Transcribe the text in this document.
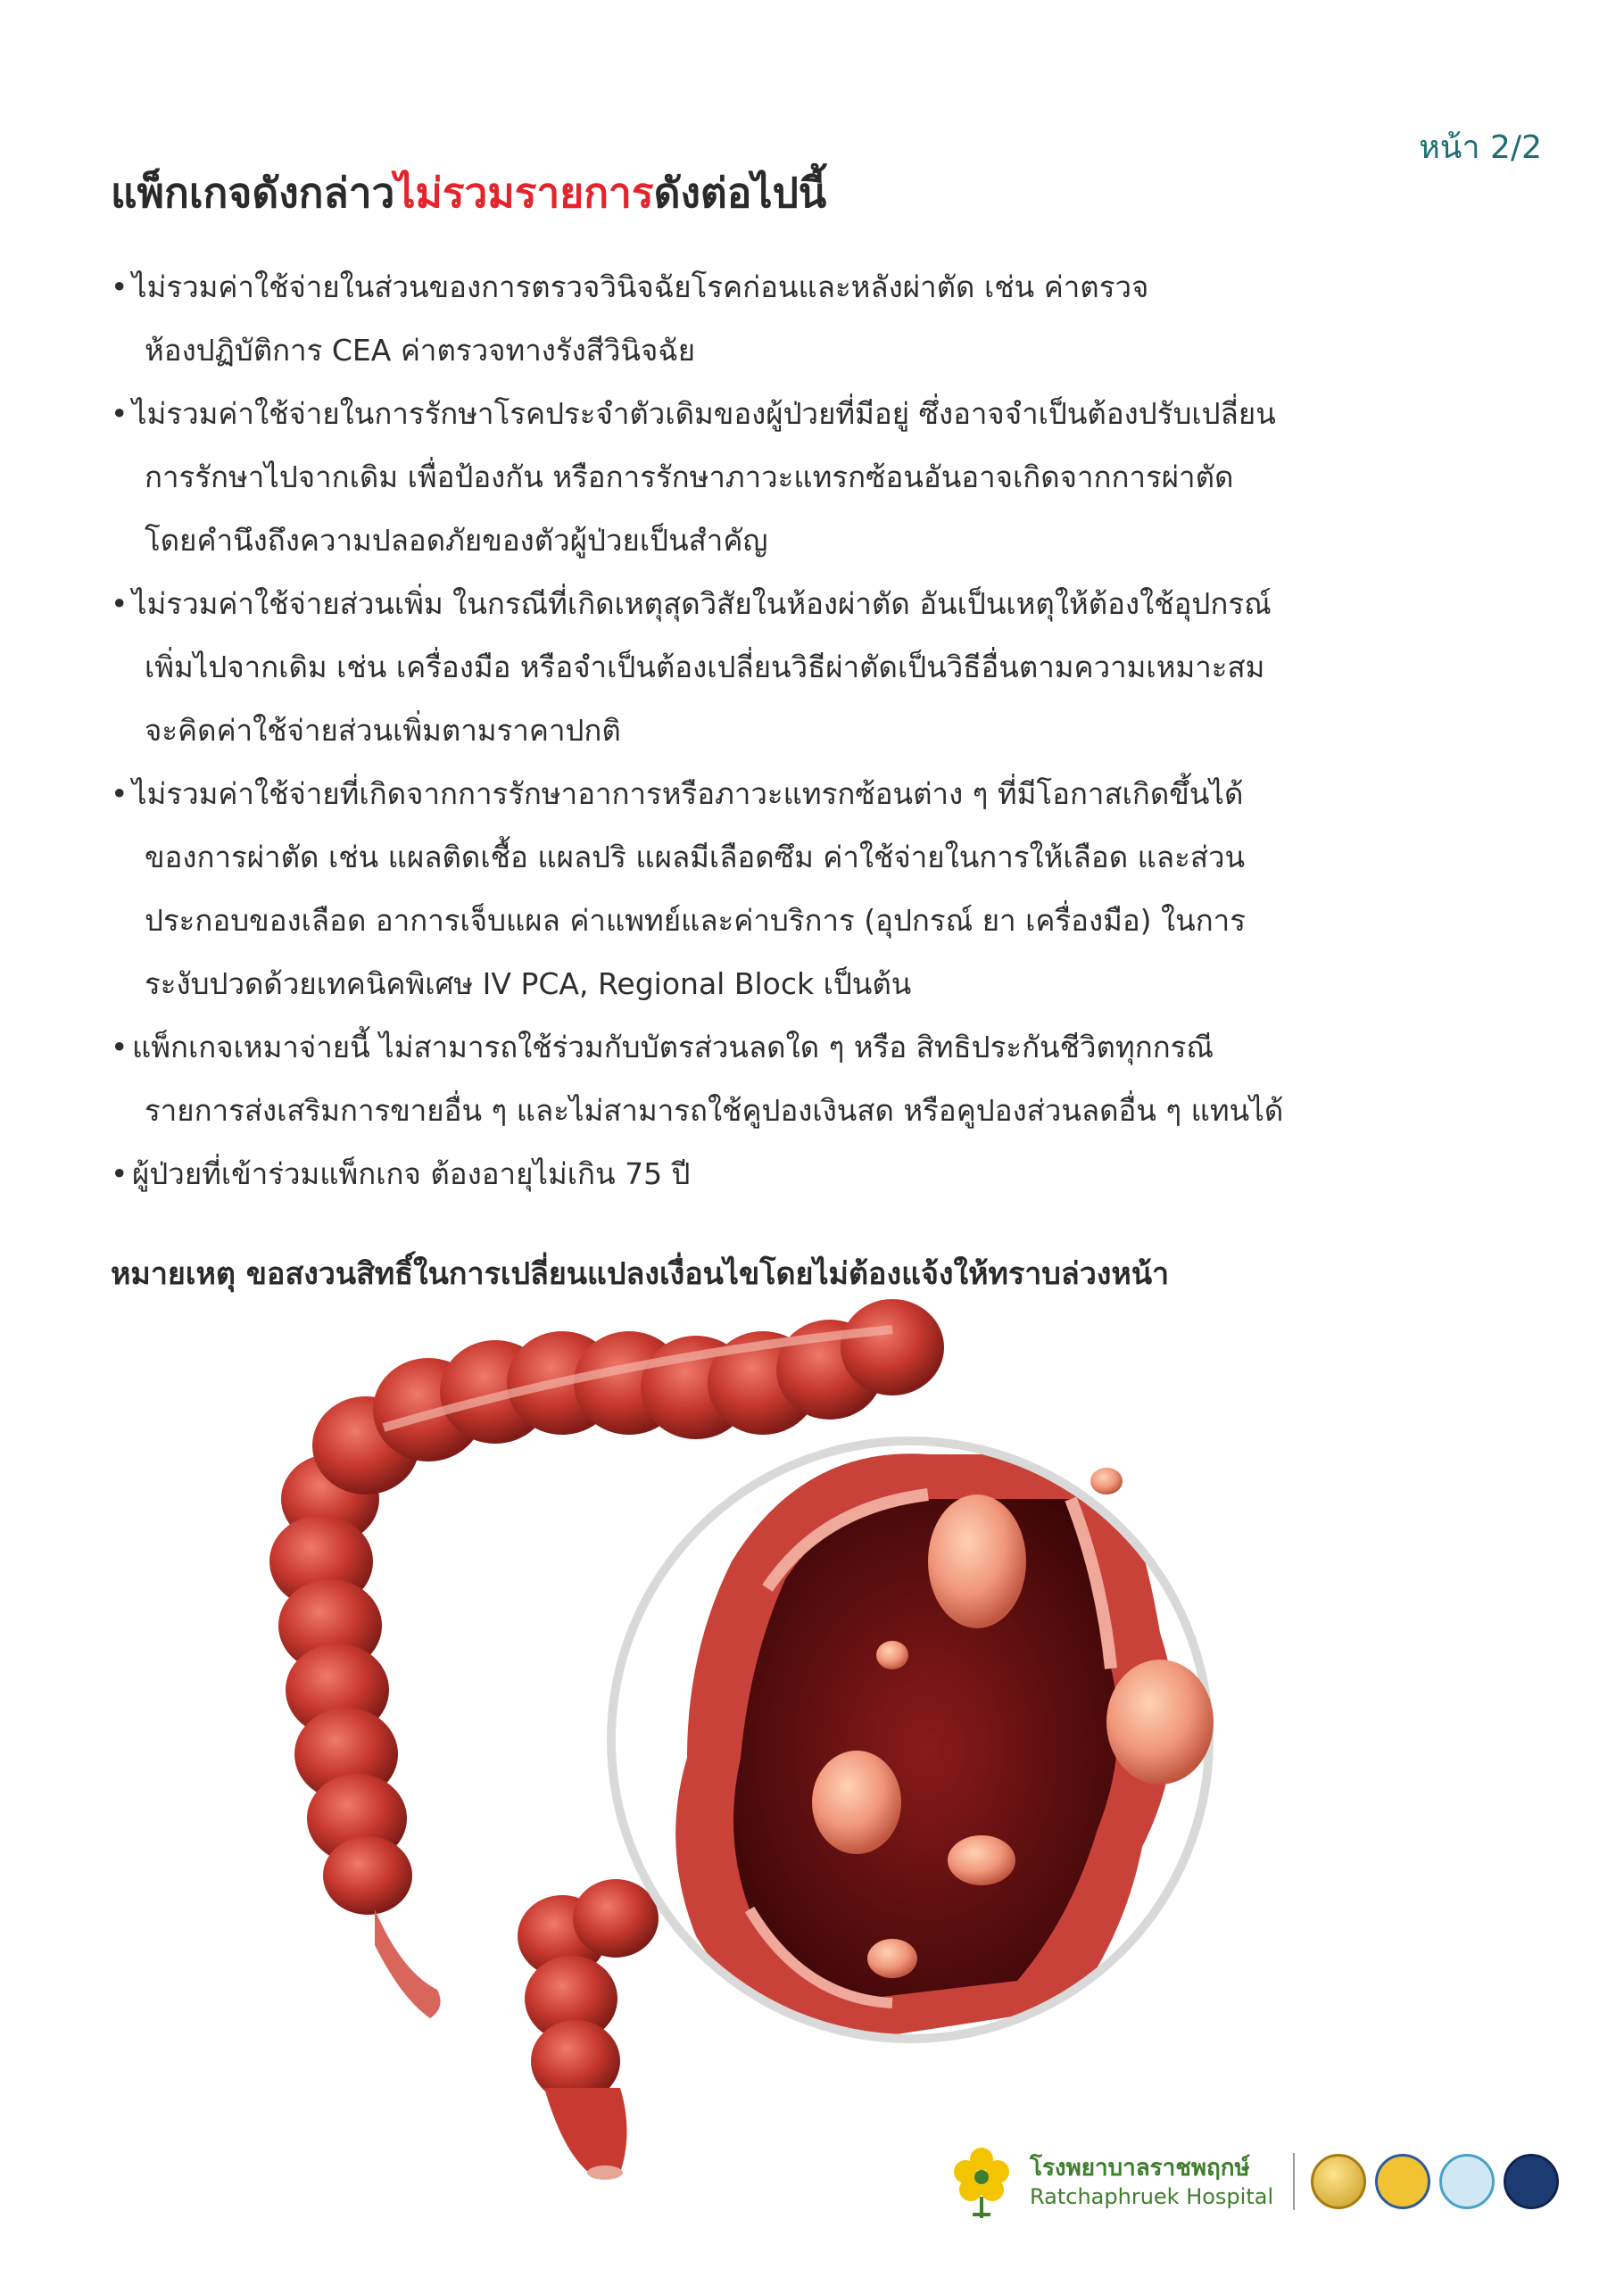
หน้า 2/2
แพ็กเกจดังกล่าวไม่รวมรายการดังต่อไปนี้
• ไม่รวมค่าใช้จ่ายในส่วนของการตรวจวินิจฉัยโรคก่อนและหลังผ่าตัด เช่น ค่าตรวจ
ห้องปฏิบัติการ CEA ค่าตรวจทางรังสีวินิจฉัย
• ไม่รวมค่าใช้จ่ายในการรักษาโรคประจำตัวเดิมของผู้ป่วยที่มีอยู่ ซึ่งอาจจำเป็นต้องปรับเปลี่ยน
การรักษาไปจากเดิม เพื่อป้องกัน หรือการรักษาภาวะแทรกซ้อนอันอาจเกิดจากการผ่าตัด
โดยคำนึงถึงความปลอดภัยของตัวผู้ป่วยเป็นสำคัญ
• ไม่รวมค่าใช้จ่ายส่วนเพิ่ม ในกรณีที่เกิดเหตุสุดวิสัยในห้องผ่าตัด อันเป็นเหตุให้ต้องใช้อุปกรณ์
เพิ่มไปจากเดิม เช่น เครื่องมือ หรือจำเป็นต้องเปลี่ยนวิธีผ่าตัดเป็นวิธีอื่นตามความเหมาะสม
จะคิดค่าใช้จ่ายส่วนเพิ่มตามราคาปกติ
• ไม่รวมค่าใช้จ่ายที่เกิดจากการรักษาอาการหรือภาวะแทรกซ้อนต่าง ๆ ที่มีโอกาสเกิดขึ้นได้
ของการผ่าตัด เช่น แผลติดเชื้อ แผลปริ แผลมีเลือดซึม ค่าใช้จ่ายในการให้เลือด และส่วน
ประกอบของเลือด อาการเจ็บแผล ค่าแพทย์และค่าบริการ (อุปกรณ์ ยา เครื่องมือ) ในการ
ระงับปวดด้วยเทคนิคพิเศษ IV PCA, Regional Block เป็นต้น
• แพ็กเกจเหมาจ่ายนี้ ไม่สามารถใช้ร่วมกับบัตรส่วนลดใด ๆ หรือ สิทธิประกันชีวิตทุกกรณี
รายการส่งเสริมการขายอื่น ๆ และไม่สามารถใช้คูปองเงินสด หรือคูปองส่วนลดอื่น ๆ แทนได้
• ผู้ป่วยที่เข้าร่วมแพ็กเกจ ต้องอายุไม่เกิน 75 ปี
หมายเหตุ ขอสงวนสิทธิ์ในการเปลี่ยนแปลงเงื่อนไขโดยไม่ต้องแจ้งให้ทราบล่วงหน้า
โรงพยาบาลราชพฤกษ์
Ratchaphruek Hospital
